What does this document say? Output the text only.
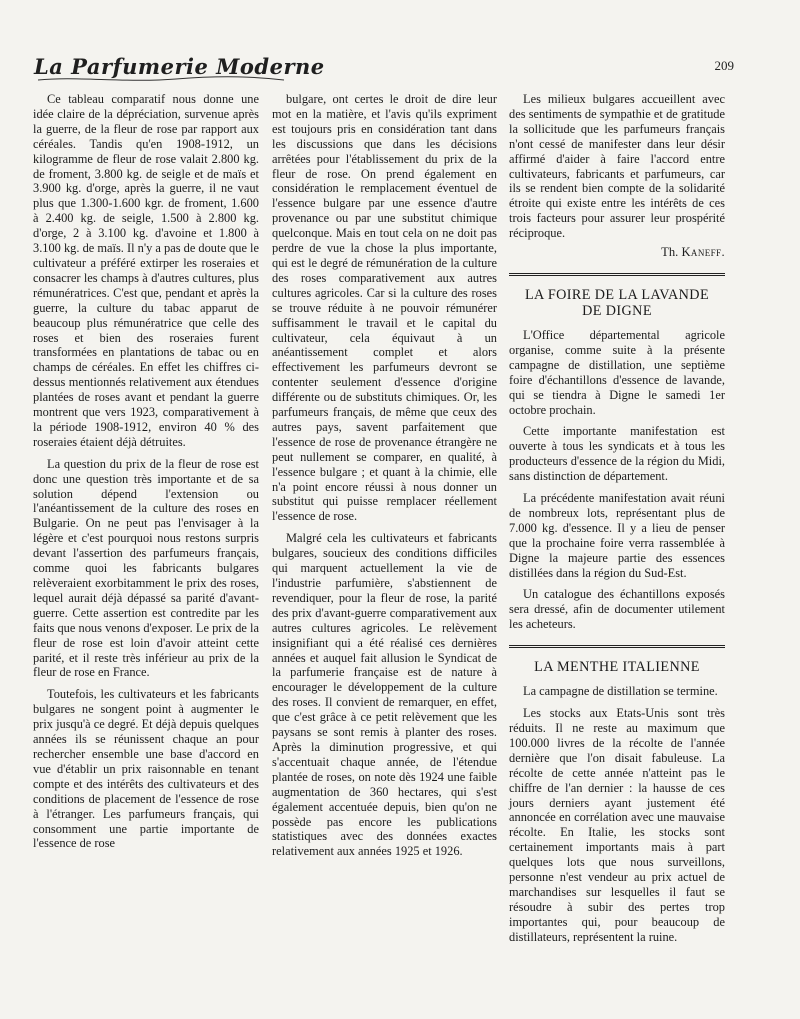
La Parfumerie Moderne	209

Ce tableau comparatif nous donne une idée claire de la dépréciation, survenue après la guerre, de la fleur de rose par rapport aux céréales. Tandis qu'en 1908-1912, un kilogramme de fleur de rose valait 2.800 kg. de froment, 3.800 kg. de seigle et de maïs et 3.900 kg. d'orge, après la guerre, il ne vaut plus que 1.300-1.600 kgr. de froment, 1.600 à 2.400 kg. de seigle, 1.500 à 2.800 kg. d'orge, 2 à 3.100 kg. d'avoine et 1.800 à 3.100 kg. de maïs. Il n'y a pas de doute que le cultivateur a préféré extirper les roseraies et consacrer les champs à d'autres cultures, plus rémunératrices. C'est que, pendant et après la guerre, la culture du tabac apparut de beaucoup plus rémunératrice que celle des roses et bien des roseraies furent transformées en plantations de tabac ou en champs de céréales. En effet les chiffres ci-dessus mentionnés relativement aux étendues plantées de roses avant et pendant la guerre montrent que vers 1923, comparativement à la période 1908-1912, environ 40 % des roseraies étaient déjà détruites.

La question du prix de la fleur de rose est donc une question très importante et de sa solution dépend l'extension ou l'anéantissement de la culture des roses en Bulgarie. On ne peut pas l'envisager à la légère et c'est pourquoi nous restons surpris devant l'assertion des parfumeurs français, comme quoi les fabricants bulgares relèveraient exorbitamment le prix des roses, lequel aurait déjà dépassé sa parité d'avant-guerre. Cette assertion est contredite par les faits que nous venons d'exposer. Le prix de la fleur de rose est loin d'avoir atteint cette parité, et il reste très inférieur au prix de la fleur de rose en France.

Toutefois, les cultivateurs et les fabricants bulgares ne songent point à augmenter le prix jusqu'à ce degré. Et déjà depuis quelques années ils se réunissent chaque an pour rechercher ensemble une base d'accord en vue d'établir un prix raisonnable en tenant compte et des intérêts des cultivateurs et des conditions de placement de l'essence de rose à l'étranger. Les parfumeurs français, qui consomment une partie importante de l'essence de rose

bulgare, ont certes le droit de dire leur mot en la matière, et l'avis qu'ils expriment est toujours pris en considération tant dans les discussions que dans les décisions arrêtées pour l'établissement du prix de la fleur de rose. On prend également en considération le remplacement éventuel de l'essence bulgare par une essence d'autre provenance ou par une substitut chimique quelconque. Mais en tout cela on ne doit pas perdre de vue la chose la plus importante, qui est le degré de rémunération de la culture des roses comparativement aux autres cultures agricoles. Car si la culture des roses se trouve réduite à ne pouvoir rémunérer suffisamment le travail et le capital du cultivateur, cela équivaut à un anéantissement complet et alors effectivement les parfumeurs devront se contenter seulement d'essence d'origine différente ou de substituts chimiques. Or, les parfumeurs français, de même que ceux des autres pays, savent parfaitement que l'essence de rose de provenance étrangère ne peut nullement se comparer, en qualité, à l'essence bulgare ; et quant à la chimie, elle n'a point encore réussi à nous donner un substitut qui puisse remplacer réellement l'essence de rose.

Malgré cela les cultivateurs et fabricants bulgares, soucieux des conditions difficiles qui marquent actuellement la vie de l'industrie parfumière, s'abstiennent de revendiquer, pour la fleur de rose, la parité des prix d'avant-guerre comparativement aux autres cultures agricoles. Le relèvement insignifiant qui a été réalisé ces dernières années et auquel fait allusion le Syndicat de la parfumerie française est de nature à encourager le développement de la culture des roses. Il convient de remarquer, en effet, que c'est grâce à ce petit relèvement que les paysans se sont remis à planter des roses. Après la diminution progressive, et qui s'accentuait chaque année, de l'étendue plantée de roses, on note dès 1924 une faible augmentation de 360 hectares, qui s'est également accentuée depuis, bien qu'on ne possède pas encore les publications statistiques avec des données exactes relativement aux années 1925 et 1926.

Les milieux bulgares accueillent avec des sentiments de sympathie et de gratitude la sollicitude que les parfumeurs français n'ont cessé de manifester dans leur désir affirmé d'aider à faire l'accord entre cultivateurs, fabricants et parfumeurs, car ils se rendent bien compte de la solidarité étroite qui existe entre les intérêts de ces trois facteurs pour assurer leur prospérité réciproque.

Th. Kaneff.

LA FOIRE DE LA LAVANDE
DE DIGNE

L'Office départemental agricole organise, comme suite à la présente campagne de distillation, une septième foire d'échantillons d'essence de lavande, qui se tiendra à Digne le samedi 1er octobre prochain.

Cette importante manifestation est ouverte à tous les syndicats et à tous les producteurs d'essence de la région du Midi, sans distinction de département.

La précédente manifestation avait réuni de nombreux lots, représentant plus de 7.000 kg. d'essence. Il y a lieu de penser que la prochaine foire verra rassemblée à Digne la majeure partie des essences distillées dans la région du Sud-Est.

Un catalogue des échantillons exposés sera dressé, afin de documenter utilement les acheteurs.

LA MENTHE ITALIENNE

La campagne de distillation se termine.

Les stocks aux Etats-Unis sont très réduits. Il ne reste au maximum que 100.000 livres de la récolte de l'année dernière que l'on disait fabuleuse. La récolte de cette année n'atteint pas le chiffre de l'an dernier : la hausse de ces jours derniers ayant justement été annoncée en corrélation avec une mauvaise récolte. En Italie, les stocks sont certainement importants mais à part quelques lots que nous surveillons, personne n'est vendeur au prix actuel de marchandises sur lesquelles il faut se résoudre à subir des pertes trop importantes qui, pour beaucoup de distillateurs, représentent la ruine.
